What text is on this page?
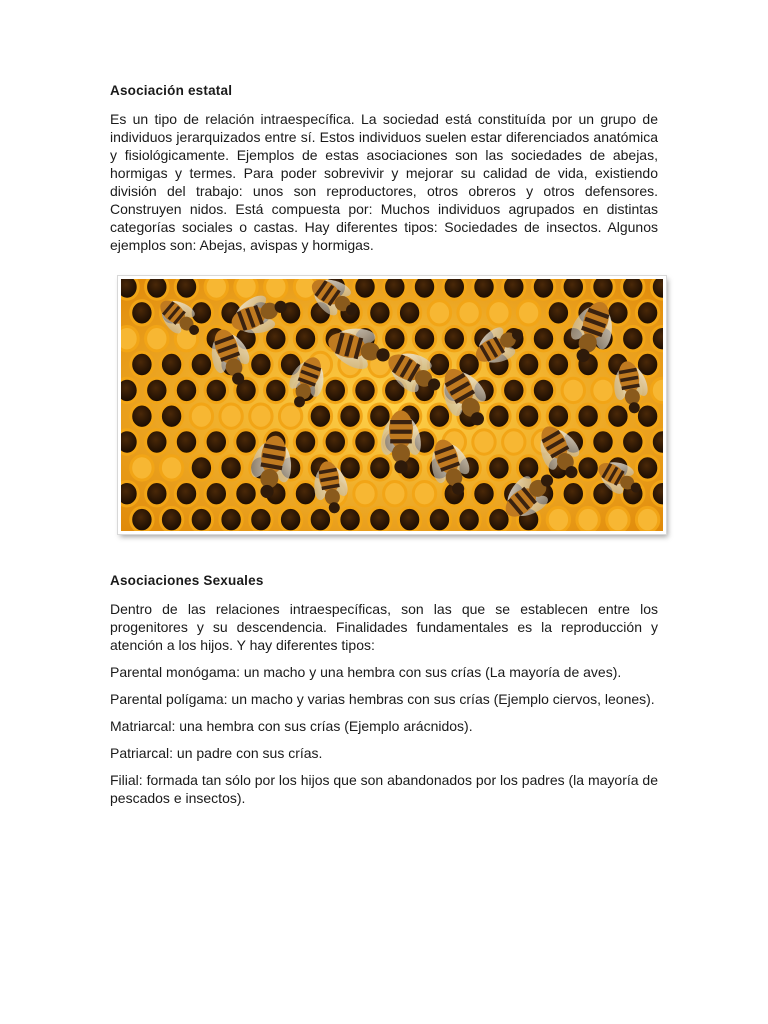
Asociación estatal

Es un tipo de relación intraespecífica. La sociedad está constituída por un grupo de individuos jerarquizados entre sí. Estos individuos suelen estar diferenciados anatómica y fisiológicamente. Ejemplos de estas asociaciones son las sociedades de abejas, hormigas y termes. Para poder sobrevivir y mejorar su calidad de vida, existiendo división del trabajo: unos son reproductores, otros obreros y otros defensores. Construyen nidos. Está compuesta por: Muchos individuos agrupados en distintas categorías sociales o castas. Hay diferentes tipos: Sociedades de insectos. Algunos ejemplos son: Abejas, avispas y hormigas.

Asociaciones Sexuales

Dentro de las relaciones intraespecíficas, son las que se establecen entre los progenitores y su descendencia. Finalidades fundamentales es la reproducción y atención a los hijos. Y hay diferentes tipos:

Parental monógama: un macho y una hembra con sus crías (La mayoría de aves).

Parental polígama: un macho y varias hembras con sus crías (Ejemplo ciervos, leones).

Matriarcal: una hembra con sus crías (Ejemplo arácnidos).

Patriarcal: un padre con sus crías.

Filial: formada tan sólo por los hijos que son abandonados por los padres (la mayoría de pescados e insectos).
